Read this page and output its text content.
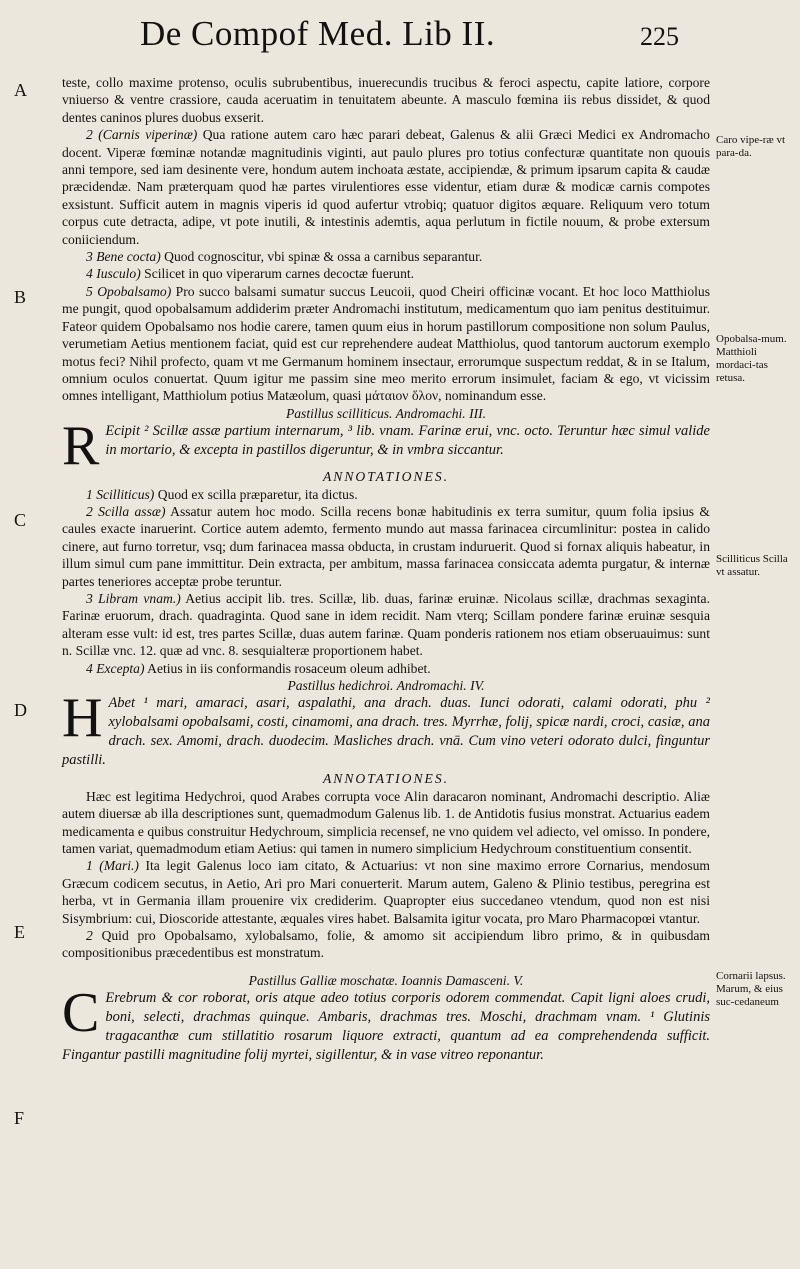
De Compof Med. Lib II.	225
A
B
C
D
E
F
Caro vipe-ræ vt para-da.
Opobalsa-mum. Matthioli mordaci-tas retusa.
Scilliticus Scilla vt assatur.
Cornarii lapsus. Marum, & eius suc-cedaneum

teste, collo maxime protenso, oculis subrubentibus, inuerecundis trucibus & feroci aspectu, capite latiore, corpore vniuerso & ventre crassiore, cauda aceruatim in tenuitatem abeunte. A masculo fœmina iis rebus dissidet, & quod dentes caninos plures duobus exserit.

2 (Carnis viperinæ) Qua ratione autem caro hæc parari debeat, Galenus & alii Græci Medici ex Andromacho docent. Viperæ fœminæ notandæ magnitudinis viginti, aut paulo plures pro totius confecturæ quantitate non quouis anni tempore, sed iam desinente vere, hondum autem inchoata æstate, accipiendæ, & primum ipsarum capita & caudæ præcidendæ. Nam præterquam quod hæ partes virulentiores esse videntur, etiam duræ & modicæ carnis compotes exsistunt. Sufficit autem in magnis viperis id quod aufertur vtrobiq; quatuor digitos æquare. Reliquum vero totum corpus cute detracta, adipe, vt pote inutili, & intestinis ademtis, aqua perlutum in fictile nouum, & probe extersum coniiciendum.

3 Bene cocta) Quod cognoscitur, vbi spinæ & ossa a carnibus separantur.

4 Iusculo) Scilicet in quo viperarum carnes decoctæ fuerunt.

5 Opobalsamo) Pro succo balsami sumatur succus Leucoii, quod Cheiri officinæ vocant. Et hoc loco Matthiolus me pungit, quod opobalsamum addiderim præter Andromachi institutum, medicamentum quo iam penitus destituimur. Fateor quidem Opobalsamo nos hodie carere, tamen quum eius in horum pastillorum compositione non solum Paulus, verumetiam Aetius mentionem faciat, quid est cur reprehendere audeat Matthiolus, quod tantorum auctorum exemplo motus feci? Nihil profecto, quam vt me Germanum hominem insectaur, errorumque suspectum reddat, & in se Italum, omnium oculos conuertat. Quum igitur me passim sine meo merito errorum insimulet, faciam & ego, vt vicissim omnes intelligant, Matthiolum potius Matæolum, quasi μάταιον ὅλον, nominandum esse.

Pastillus scilliticus. Andromachi. III.

R Ecipit ² Scillæ assæ partium internarum, ³ lib. vnam. Farinæ erui, vnc. octo. Teruntur hæc simul valide in mortario, & excepta in pastillos digeruntur, & in vmbra siccantur.

ANNOTATIONES.

1 Scilliticus) Quod ex scilla præparetur, ita dictus.

2 Scilla assæ) Assatur autem hoc modo. Scilla recens bonæ habitudinis ex terra sumitur, quum folia ipsius & caules exacte inaruerint. Cortice autem ademto, fermento mundo aut massa farinacea circumlinitur: postea in calido cinere, aut furno torretur, vsq; dum farinacea massa obducta, in crustam induruerit. Quod si fornax aliquis habeatur, in illum simul cum pane immittitur. Dein extracta, per ambitum, massa farinacea consiccata ademta purgatur, & internæ partes teneriores acceptæ probe teruntur.

3 Libram vnam.) Aetius accipit lib. tres. Scillæ, lib. duas, farinæ eruinæ. Nicolaus scillæ, drachmas sexaginta. Farinæ eruorum, drach. quadraginta. Quod sane in idem recidit. Nam vterq; Scillam pondere farinæ eruinæ sesquia alteram esse vult: id est, tres partes Scillæ, duas autem farinæ. Quam ponderis rationem nos etiam obseruauimus: sunt n. Scillæ vnc. 12. quæ ad vnc. 8. sesquialteræ proportionem habet.

4 Excepta) Aetius in iis conformandis rosaceum oleum adhibet.

Pastillus hedichroi. Andromachi. IV.

H Abet ¹ mari, amaraci, asari, aspalathi, ana drach. duas. Iunci odorati, calami odorati, phu ² xylobalsami opobalsami, costi, cinamomi, ana drach. tres. Myrrhæ, folij, spicæ nardi, croci, casiæ, ana drach. sex. Amomi, drach. duodecim. Masliches drach. vnā. Cum vino veteri odorato dulci, finguntur pastilli.

ANNOTATIONES.

Hæc est legitima Hedychroi, quod Arabes corrupta voce Alin daracaron nominant, Andromachi descriptio. Aliæ autem diuersæ ab illa descriptiones sunt, quemadmodum Galenus lib. 1. de Antidotis fusius monstrat. Actuarius eadem medicamenta e quibus construitur Hedychroum, simplicia recensef, ne vno quidem vel adiecto, vel omisso. In pondere, tamen variat, quemadmodum etiam Aetius: qui tamen in numero simplicium Hedychroum constituentium consentit.

1 (Mari.) Ita legit Galenus loco iam citato, & Actuarius: vt non sine maximo errore Cornarius, mendosum Græcum codicem secutus, in Aetio, Ari pro Mari conuerterit. Marum autem, Galeno & Plinio testibus, peregrina est herba, vt in Germania illam prouenire vix crediderim. Quapropter eius succedaneo vtendum, quod non est nisi Sisymbrium: cui, Dioscoride attestante, æquales vires habet. Balsamita igitur vocata, pro Maro Pharmacopœi vtantur.

2 Quid pro Opobalsamo, xylobalsamo, folie, & amomo sit accipiendum libro primo, & in quibusdam compositionibus præcedentibus est monstratum.

Pastillus Galliæ moschatæ. Ioannis Damasceni. V.

C Erebrum & cor roborat, oris atque adeo totius corporis odorem commendat. Capit ligni aloes crudi, boni, selecti, drachmas quinque. Ambaris, drachmas tres. Moschi, drachmam vnam. ¹ Glutinis tragacanthæ cum stillatitio rosarum liquore extracti, quantum ad ea comprehendenda sufficit. Fingantur pastilli magnitudine folij myrtei, sigillentur, & in vase vitreo reponantur.
